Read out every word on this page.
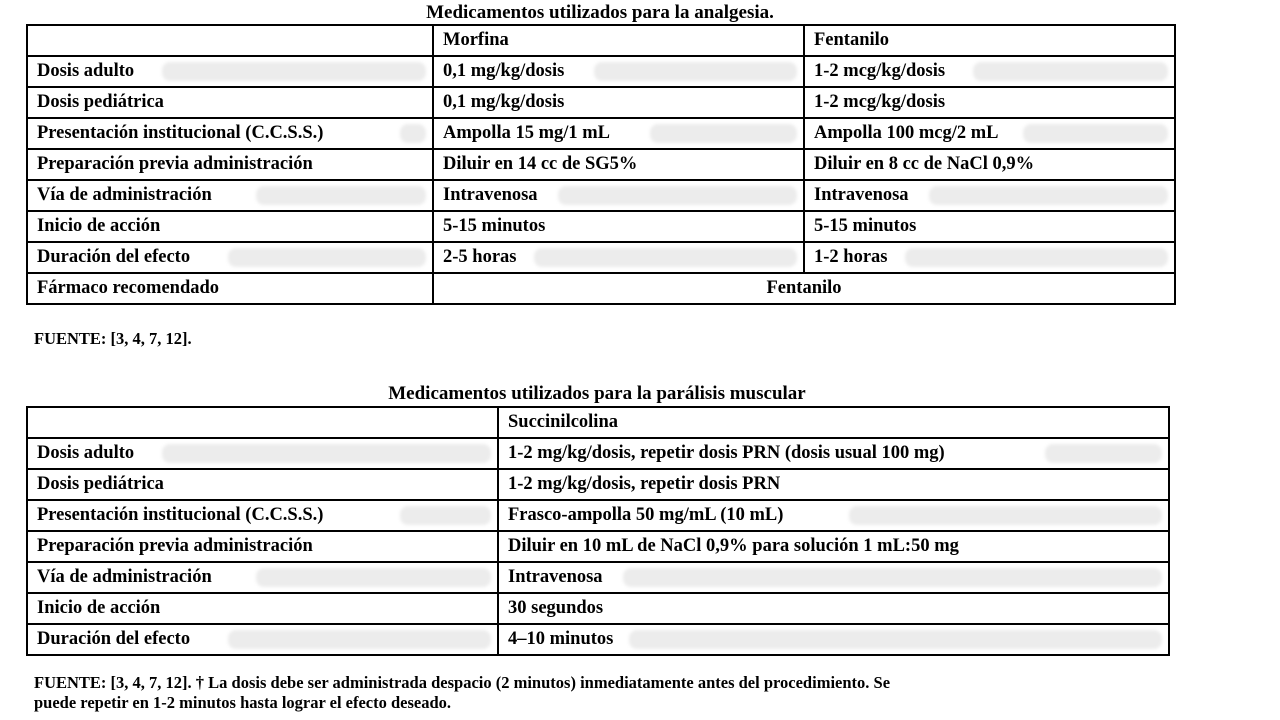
Medicamentos utilizados para la analgesia.
	Morfina	Fentanilo

Dosis adulto	0,1 mg/kg/dosis	1-2 mcg/kg/dosis
Dosis pediátrica	0,1 mg/kg/dosis	1-2 mcg/kg/dosis

Presentación institucional (C.C.S.S.)	Ampolla 15 mg/1 mL	Ampolla 100 mcg/2 mL
Preparación previa administración	Diluir en 14 cc de SG5%	Diluir en 8 cc de NaCl 0,9%

Vía de administración	Intravenosa	Intravenosa
Inicio de acción	5-15 minutos	5-15 minutos

Duración del efecto	2-5 horas	1-2 horas
Fármaco recomendado	Fentanilo	

FUENTE: [3, 4, 7, 12].

Medicamentos utilizados para la parálisis muscular
	Succinilcolina

Dosis adulto	1-2 mg/kg/dosis, repetir dosis PRN (dosis usual 100 mg)
Dosis pediátrica	1-2 mg/kg/dosis, repetir dosis PRN

Presentación institucional (C.C.S.S.)	Frasco-ampolla 50 mg/mL (10 mL)
Preparación previa administración	Diluir en 10 mL de NaCl 0,9% para solución 1 mL:50 mg

Vía de administración	Intravenosa
Inicio de acción	30 segundos

Duración del efecto	4–10 minutos

FUENTE: [3, 4, 7, 12]. † La dosis debe ser administrada despacio (2 minutos) inmediatamente antes del procedimiento. Se

puede repetir en 1-2 minutos hasta lograr el efecto deseado.
